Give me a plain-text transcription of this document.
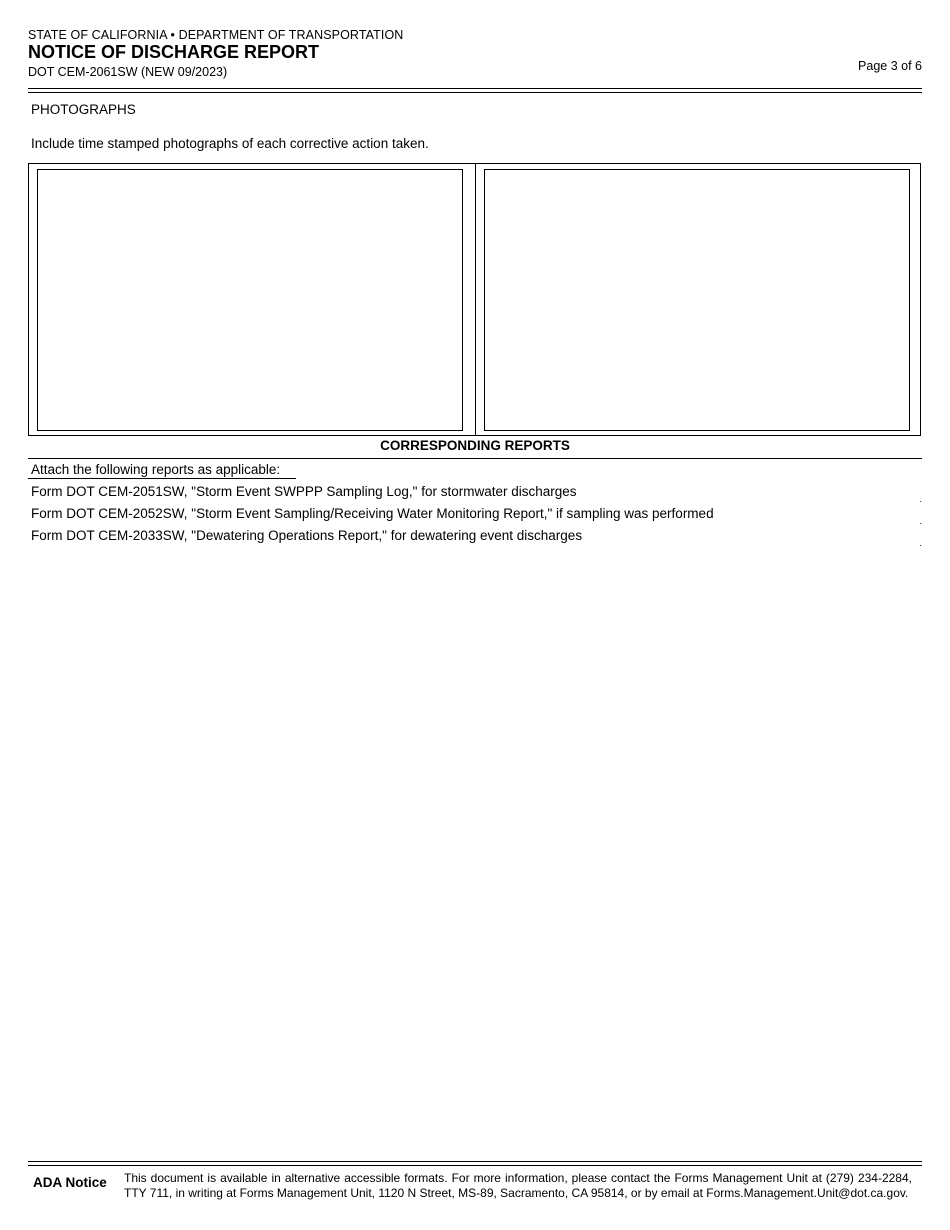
STATE OF CALIFORNIA • DEPARTMENT OF TRANSPORTATION
NOTICE OF DISCHARGE REPORT
DOT CEM-2061SW (NEW 09/2023)	Page 3 of 6
PHOTOGRAPHS
Include time stamped photographs of each corrective action taken.
CORRESPONDING REPORTS
Attach the following reports as applicable:
Form DOT CEM-2051SW, "Storm Event SWPPP Sampling Log," for stormwater discharges
Form DOT CEM-2052SW, "Storm Event Sampling/Receiving Water Monitoring Report," if sampling was performed
Form DOT CEM-2033SW, "Dewatering Operations Report," for dewatering event discharges
.
.
.
ADA Notice This document is available in alternative accessible formats. For more information, please contact the Forms Management Unit at (279) 234-2284, TTY 711, in writing at Forms Management Unit, 1120 N Street, MS-89, Sacramento, CA 95814, or by email at Forms.Management.Unit@dot.ca.gov.
